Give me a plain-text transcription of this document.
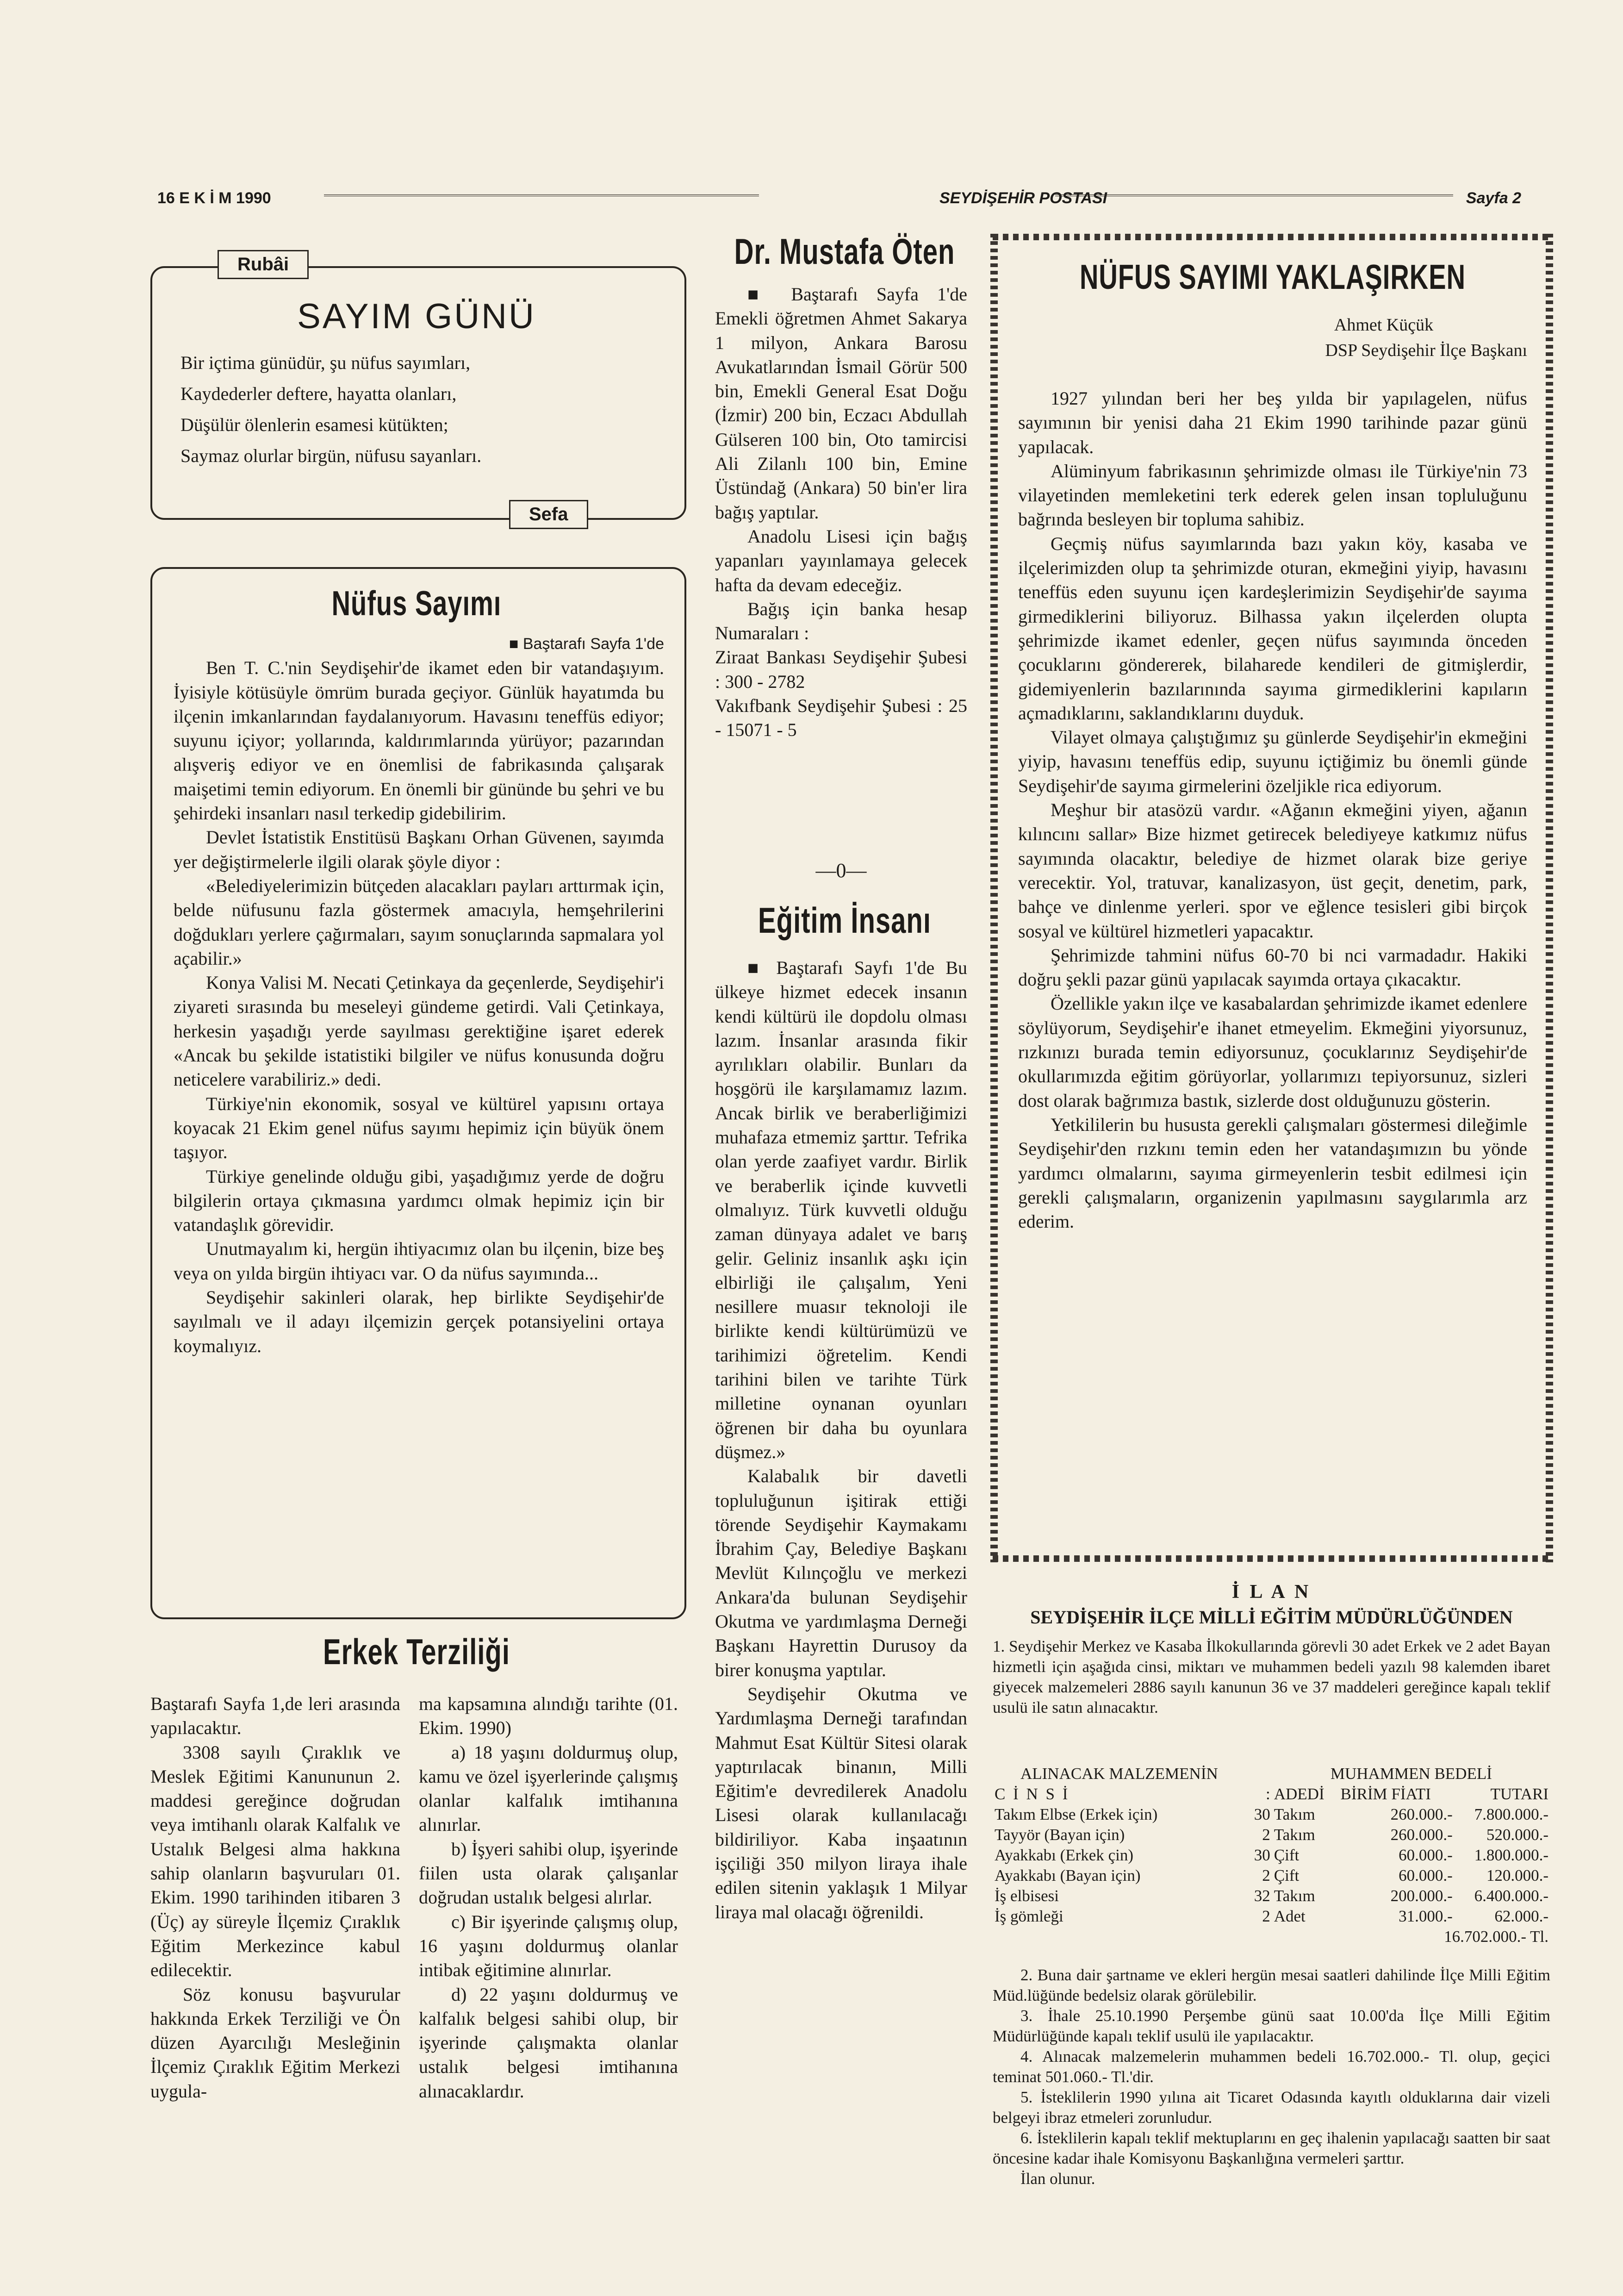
16 E K İ M 1990	SEYDİŞEHİR POSTASI	Sayfa 2
Rubâi
SAYIM GÜNÜ
Bir içtima günüdür, şu nüfus sayımları,
Kaydederler deftere, hayatta olanları,
Düşülür ölenlerin esamesi kütükten;
Saymaz olurlar birgün, nüfusu sayanları.
Sefa
Nüfus Sayımı

■ Baştarafı Sayfa 1'de

Ben T. C.'nin Seydişehir'de ikamet eden bir vatandaşıyım. İyisiyle kötüsüyle ömrüm burada geçiyor. Günlük hayatımda bu ilçenin imkanlarından faydalanıyorum. Havasını teneffüs ediyor; suyunu içiyor; yollarında, kaldırımlarında yürüyor; pazarından alışveriş ediyor ve en önemlisi de fabrikasında çalışarak maişetimi temin ediyorum. En önemli bir gününde bu şehri ve bu şehirdeki insanları nasıl terkedip gidebilirim.

Devlet İstatistik Enstitüsü Başkanı Orhan Güvenen, sayımda yer değiştirmelerle ilgili olarak şöyle diyor :

«Belediyelerimizin bütçeden alacakları payları arttırmak için, belde nüfusunu fazla göstermek amacıyla, hemşehrilerini doğdukları yerlere çağırmaları, sayım sonuçlarında sapmalara yol açabilir.»

Konya Valisi M. Necati Çetinkaya da geçenlerde, Seydişehir'i ziyareti sırasında bu meseleyi gündeme getirdi. Vali Çetinkaya, herkesin yaşadığı yerde sayılması gerektiğine işaret ederek «Ancak bu şekilde istatistiki bilgiler ve nüfus konusunda doğru neticelere varabiliriz.» dedi.

Türkiye'nin ekonomik, sosyal ve kültürel yapısını ortaya koyacak 21 Ekim genel nüfus sayımı hepimiz için büyük önem taşıyor.

Türkiye genelinde olduğu gibi, yaşadığımız yerde de doğru bilgilerin ortaya çıkmasına yardımcı olmak hepimiz için bir vatandaşlık görevidir.

Unutmayalım ki, hergün ihtiyacımız olan bu ilçenin, bize beş veya on yılda birgün ihtiyacı var. O da nüfus sayımında...

Seydişehir sakinleri olarak, hep birlikte Seydişehir'de sayılmalı ve il adayı ilçemizin gerçek potansiyelini ortaya koymalıyız.

Erkek Terziliği

Baştarafı Sayfa 1,de leri arasında yapılacaktır.

3308 sayılı Çıraklık ve Meslek Eğitimi Kanununun 2. maddesi gereğince doğrudan veya imtihanlı olarak Kalfalık ve Ustalık Belgesi alma hakkına sahip olanların başvuruları 01. Ekim. 1990 tarihinden itibaren 3 (Üç) ay süreyle İlçemiz Çıraklık Eğitim Merkezince kabul edilecektir.

Söz konusu başvurular hakkında Erkek Terziliği ve Ön düzen Ayarcılığı Mesleğinin İlçemiz Çıraklık Eğitim Merkezi uygula-

ma kapsamına alındığı tarihte (01. Ekim. 1990)

a) 18 yaşını doldurmuş olup, kamu ve özel işyerlerinde çalışmış olanlar kalfalık imtihanına alınırlar.

b) İşyeri sahibi olup, işyerinde fiilen usta olarak çalışanlar doğrudan ustalık belgesi alırlar.

c) Bir işyerinde çalışmış olup, 16 yaşını doldurmuş olanlar intibak eğitimine alınırlar.

d) 22 yaşını doldurmuş ve kalfalık belgesi sahibi olup, bir işyerinde çalışmakta olanlar ustalık belgesi imtihanına alınacaklardır.

Dr. Mustafa Öten

■ Baştarafı Sayfa 1'de Emekli öğretmen Ahmet Sakarya 1 milyon, Ankara Barosu Avukatlarından İsmail Görür 500 bin, Emekli General Esat Doğu (İzmir) 200 bin, Eczacı Abdullah Gülseren 100 bin, Oto tamircisi Ali Zilanlı 100 bin, Emine Üstündağ (Ankara) 50 bin'er lira bağış yaptılar.

Anadolu Lisesi için bağış yapanları yayınlamaya gelecek hafta da devam edeceğiz.

Bağış için banka hesap Numaraları :

Ziraat Bankası Seydişehir Şubesi : 300 - 2782

Vakıfbank Seydişehir Şubesi : 25 - 15071 - 5

—0—
Eğitim İnsanı

■ Baştarafı Sayfı 1'de Bu ülkeye hizmet edecek insanın kendi kültürü ile dopdolu olması lazım. İnsanlar arasında fikir ayrılıkları olabilir. Bunları da hoşgörü ile karşılamamız lazım. Ancak birlik ve beraberliğimizi muhafaza etmemiz şarttır. Tefrika olan yerde zaafiyet vardır. Birlik ve beraberlik içinde kuvvetli olmalıyız. Türk kuvvetli olduğu zaman dünyaya adalet ve barış gelir. Geliniz insanlık aşkı için elbirliği ile çalışalım, Yeni nesillere muasır teknoloji ile birlikte kendi kültürümüzü ve tarihimizi öğretelim. Kendi tarihini bilen ve tarihte Türk milletine oynanan oyunları öğrenen bir daha bu oyunlara düşmez.»

Kalabalık bir davetli topluluğunun işitirak ettiği törende Seydişehir Kaymakamı İbrahim Çay, Belediye Başkanı Mevlüt Kılınçoğlu ve merkezi Ankara'da bulunan Seydişehir Okutma ve yardımlaşma Derneği Başkanı Hayrettin Durusoy da birer konuşma yaptılar.

Seydişehir Okutma ve Yardımlaşma Derneği tarafından Mahmut Esat Kültür Sitesi olarak yaptırılacak binanın, Milli Eğitim'e devredilerek Anadolu Lisesi olarak kullanılacağı bildiriliyor. Kaba inşaatının işçiliği 350 milyon liraya ihale edilen sitenin yaklaşık 1 Milyar liraya mal olacağı öğrenildi.

NÜFUS SAYIMI YAKLAŞIRKEN
Ahmet Küçük
DSP Seydişehir İlçe Başkanı

1927 yılından beri her beş yılda bir yapılagelen, nüfus sayımının bir yenisi daha 21 Ekim 1990 tarihinde pazar günü yapılacak.

Alüminyum fabrikasının şehrimizde olması ile Türkiye'nin 73 vilayetinden memleketini terk ederek gelen insan topluluğunu bağrında besleyen bir topluma sahibiz.

Geçmiş nüfus sayımlarında bazı yakın köy, kasaba ve ilçelerimizden olup ta şehrimizde oturan, ekmeğini yiyip, havasını teneffüs eden suyunu içen kardeşlerimizin Seydişehir'de sayıma girmediklerini biliyoruz. Bilhassa yakın ilçelerden olupta şehrimizde ikamet edenler, geçen nüfus sayımında önceden çocuklarını göndererek, bilaharede kendileri de gitmişlerdir, gidemiyenlerin bazılarınında sayıma girmediklerini kapıların açmadıklarını, saklandıklarını duyduk.

Vilayet olmaya çalıştığımız şu günlerde Seydişehir'in ekmeğini yiyip, havasını teneffüs edip, suyunu içtiğimiz bu önemli günde Seydişehir'de sayıma girmelerini özeljikle rica ediyorum.

Meşhur bir atasözü vardır. «Ağanın ekmeğini yiyen, ağanın kılıncını sallar» Bize hizmet getirecek belediyeye katkımız nüfus sayımında olacaktır, belediye de hizmet olarak bize geriye verecektir. Yol, tratuvar, kanalizasyon, üst geçit, denetim, park, bahçe ve dinlenme yerleri. spor ve eğlence tesisleri gibi birçok sosyal ve kültürel hizmetleri yapacaktır.

Şehrimizde tahmini nüfus 60-70 bi nci varmadadır. Hakiki doğru şekli pazar günü yapılacak sayımda ortaya çıkacaktır.

Özellikle yakın ilçe ve kasabalardan şehrimizde ikamet edenlere söylüyorum, Seydişehir'e ihanet etmeyelim. Ekmeğini yiyorsunuz, rızkınızı burada temin ediyorsunuz, çocuklarınız Seydişehir'de okullarımızda eğitim görüyorlar, yollarımızı tepiyorsunuz, sizleri dost olarak bağrımıza bastık, sizlerde dost olduğunuzu gösterin.

Yetkililerin bu hususta gerekli çalışmaları göstermesi dileğimle Seydişehir'den rızkını temin eden her vatandaşımızın bu yönde yardımcı olmalarını, sayıma girmeyenlerin tesbit edilmesi için gerekli çalışmaların, organizenin yapılmasını saygılarımla arz ederim.

İ L A N
SEYDİŞEHİR İLÇE MİLLİ EĞİTİM MÜDÜRLÜĞÜNDEN
1. Seydişehir Merkez ve Kasaba İlkokullarında görevli 30 adet Erkek ve 2 adet Bayan hizmetli için aşağıda cinsi, miktarı ve muhammen bedeli yazılı 98 kalemden ibaret giyecek malzemeleri 2886 sayılı kanunun 36 ve 37 maddeleri gereğince kapalı teklif usulü ile satın alınacaktır.
ALINACAK MALZEMENİN		MUHAMMEN BEDELİ		
C İ N S İ	:	ADEDİ	BİRİM FİATI	TUTARI
Takım Elbse (Erkek için)	30	Takım	260.000.-	7.800.000.-
Tayyör (Bayan için)	2	Takım	260.000.-	520.000.-
Ayakkabı (Erkek çin)	30	Çift	60.000.-	1.800.000.-
Ayakkabı (Bayan için)	2	Çift	60.000.-	120.000.-
İş elbisesi	32	Takım	200.000.-	6.400.000.-
İş gömleği	2	Adet	31.000.-	62.000.-
16.702.000.- Tl.				
2. Buna dair şartname ve ekleri hergün mesai saatleri dahilinde İlçe Milli Eğitim Müd.lüğünde bedelsiz olarak görülebilir.
3. İhale 25.10.1990 Perşembe günü saat 10.00'da İlçe Milli Eğitim Müdürlüğünde kapalı teklif usulü ile yapılacaktır.
4. Alınacak malzemelerin muhammen bedeli 16.702.000.- Tl. olup, geçici teminat 501.060.- Tl.'dir.
5. İsteklilerin 1990 yılına ait Ticaret Odasında kayıtlı olduklarına dair vizeli belgeyi ibraz etmeleri zorunludur.
6. İsteklilerin kapalı teklif mektuplarını en geç ihalenin yapılacağı saatten bir saat öncesine kadar ihale Komisyonu Başkanlığına vermeleri şarttır.
İlan olunur.
